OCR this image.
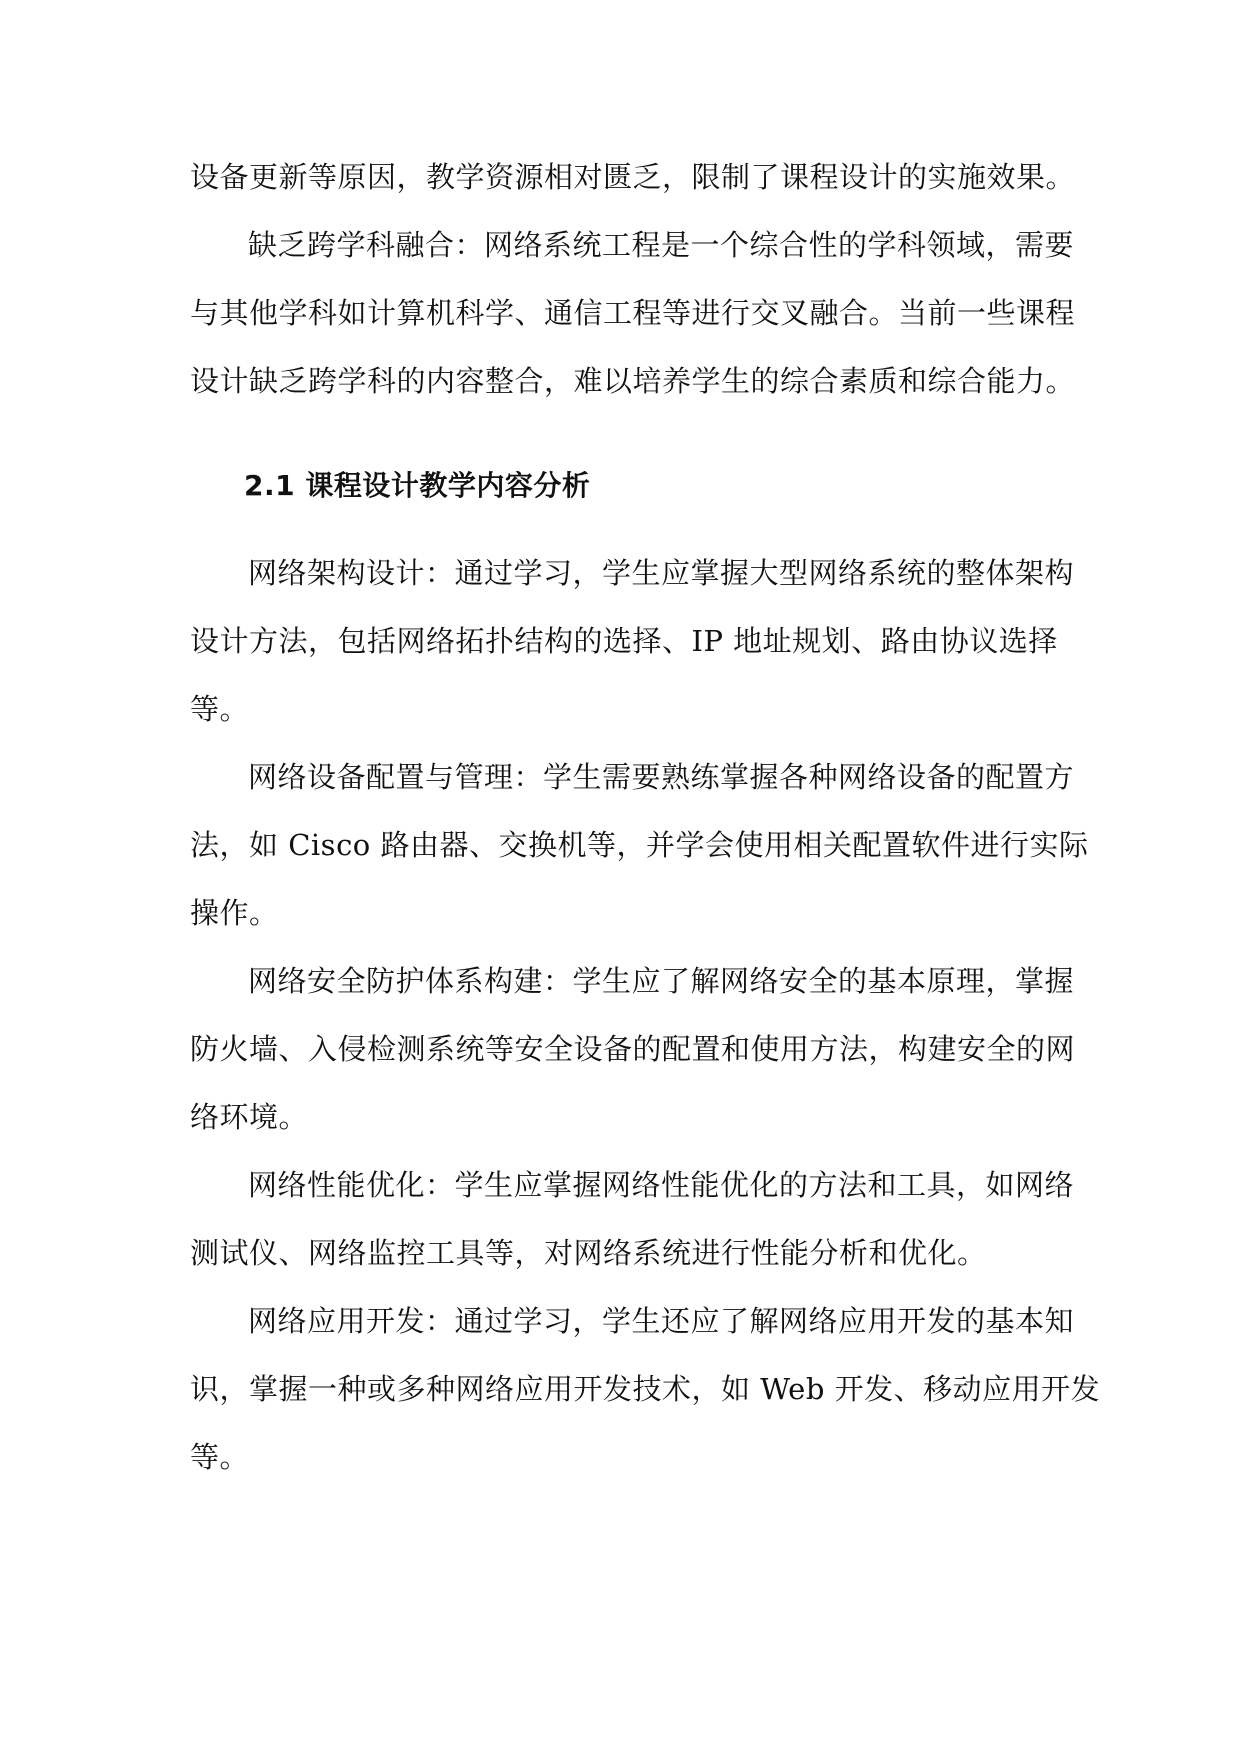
设备更新等原因，教学资源相对匮乏，限制了课程设计的实施效果。
缺乏跨学科融合：网络系统工程是一个综合性的学科领域，需要
与其他学科如计算机科学、通信工程等进行交叉融合。当前一些课程
设计缺乏跨学科的内容整合，难以培养学生的综合素质和综合能力。
2.1 课程设计教学内容分析
网络架构设计：通过学习，学生应掌握大型网络系统的整体架构
设计方法，包括网络拓扑结构的选择、IP 地址规划、路由协议选择
等。
网络设备配置与管理：学生需要熟练掌握各种网络设备的配置方
法，如 Cisco 路由器、交换机等，并学会使用相关配置软件进行实际
操作。
网络安全防护体系构建：学生应了解网络安全的基本原理，掌握
防火墙、入侵检测系统等安全设备的配置和使用方法，构建安全的网
络环境。
网络性能优化：学生应掌握网络性能优化的方法和工具，如网络
测试仪、网络监控工具等，对网络系统进行性能分析和优化。
网络应用开发：通过学习，学生还应了解网络应用开发的基本知
识，掌握一种或多种网络应用开发技术，如 Web 开发、移动应用开发
等。
